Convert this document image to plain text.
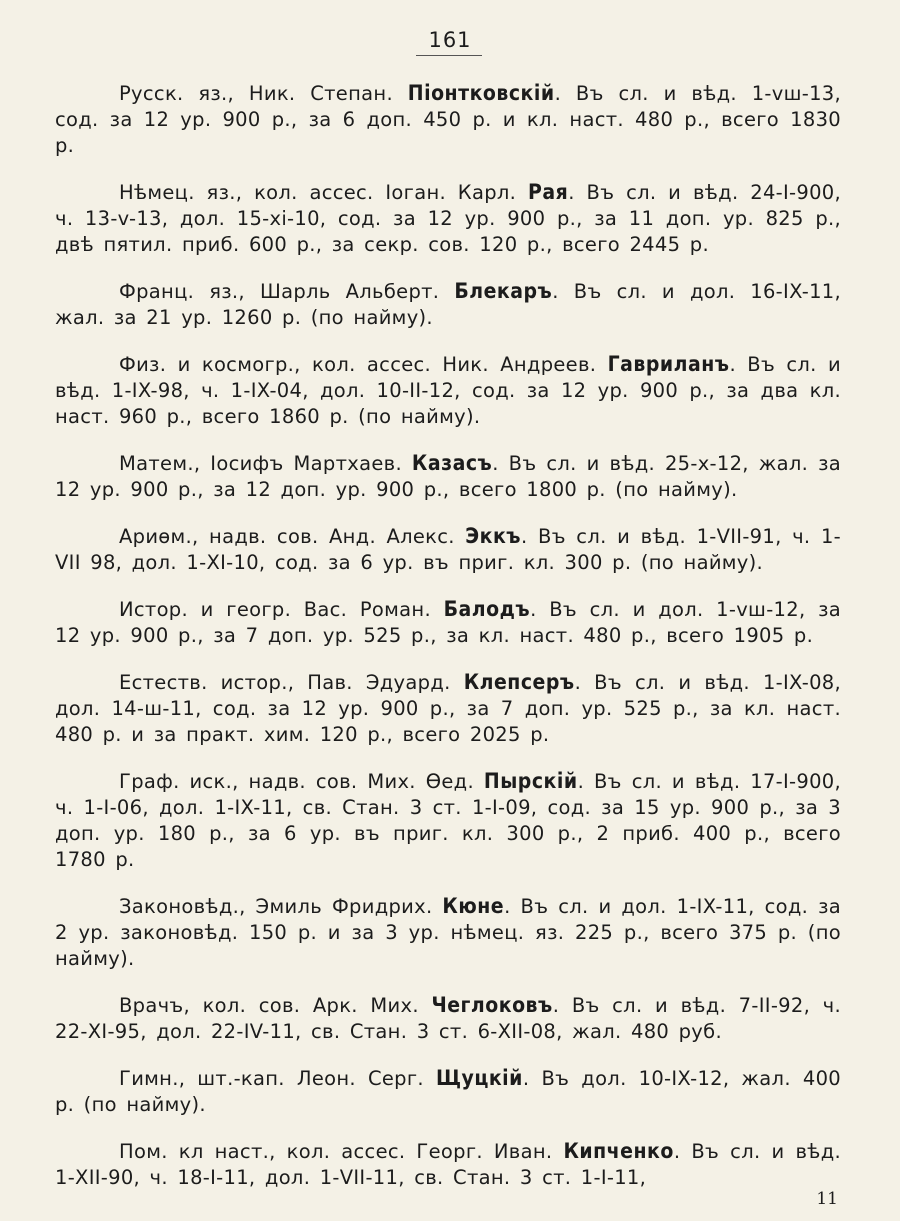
161

Русск. яз., Ник. Степан. Піонтковскій. Въ сл. и вѣд. 1-vш-13, сод. за 12 ур. 900 р., за 6 доп. 450 р. и кл. наст. 480 р., всего 1830 р.

Нѣмец. яз., кол. ассес. Іоган. Карл. Рая. Въ сл. и вѣд. 24-I-900, ч. 13-v-13, дол. 15-xi-10, сод. за 12 ур. 900 р., за 11 доп. ур. 825 р., двѣ пятил. приб. 600 р., за секр. сов. 120 р., всего 2445 р.

Франц. яз., Шарль Альберт. Блекаръ. Въ сл. и дол. 16-IX-11, жал. за 21 ур. 1260 р. (по найму).

Физ. и космогр., кол. ассес. Ник. Андреев. Гавриланъ. Въ сл. и вѣд. 1-IX-98, ч. 1-IX-04, дол. 10-II-12, сод. за 12 ур. 900 р., за два кл. наст. 960 р., всего 1860 р. (по найму).

Матем., Іосифъ Мартхаев. Казасъ. Въ сл. и вѣд. 25-x-12, жал. за 12 ур. 900 р., за 12 доп. ур. 900 р., всего 1800 р. (по найму).

Ариѳм., надв. сов. Анд. Алекс. Эккъ. Въ сл. и вѣд. 1-VII-91, ч. 1-VII 98, дол. 1-XI-10, сод. за 6 ур. въ приг. кл. 300 р. (по найму).

Истор. и геогр. Вас. Роман. Балодъ. Въ сл. и дол. 1-vш-12, за 12 ур. 900 р., за 7 доп. ур. 525 р., за кл. наст. 480 р., всего 1905 р.

Естеств. истор., Пав. Эдуард. Клепсеръ. Въ сл. и вѣд. 1-IX-08, дол. 14-ш-11, сод. за 12 ур. 900 р., за 7 доп. ур. 525 р., за кл. наст. 480 р. и за практ. хим. 120 р., всего 2025 р.

Граф. иск., надв. сов. Мих. Ѳед. Пырскій. Въ сл. и вѣд. 17-I-900, ч. 1-I-06, дол. 1-IX-11, св. Стан. 3 ст. 1-I-09, сод. за 15 ур. 900 р., за 3 доп. ур. 180 р., за 6 ур. въ приг. кл. 300 р., 2 приб. 400 р., всего 1780 р.

Законовѣд., Эмиль Фридрих. Кюне. Въ сл. и дол. 1-IX-11, сод. за 2 ур. законовѣд. 150 р. и за 3 ур. нѣмец. яз. 225 р., всего 375 р. (по найму).

Врачъ, кол. сов. Арк. Мих. Чеглоковъ. Въ сл. и вѣд. 7-II-92, ч. 22-XI-95, дол. 22-IV-11, св. Стан. 3 ст. 6-XII-08, жал. 480 руб.

Гимн., шт.-кап. Леон. Серг. Щуцкій. Въ дол. 10-IX-12, жал. 400 р. (по найму).

Пом. кл наст., кол. ассес. Георг. Иван. Кипченко. Въ сл. и вѣд. 1-XII-90, ч. 18-I-11, дол. 1-VII-11, св. Стан. 3 ст. 1-I-11,

11
